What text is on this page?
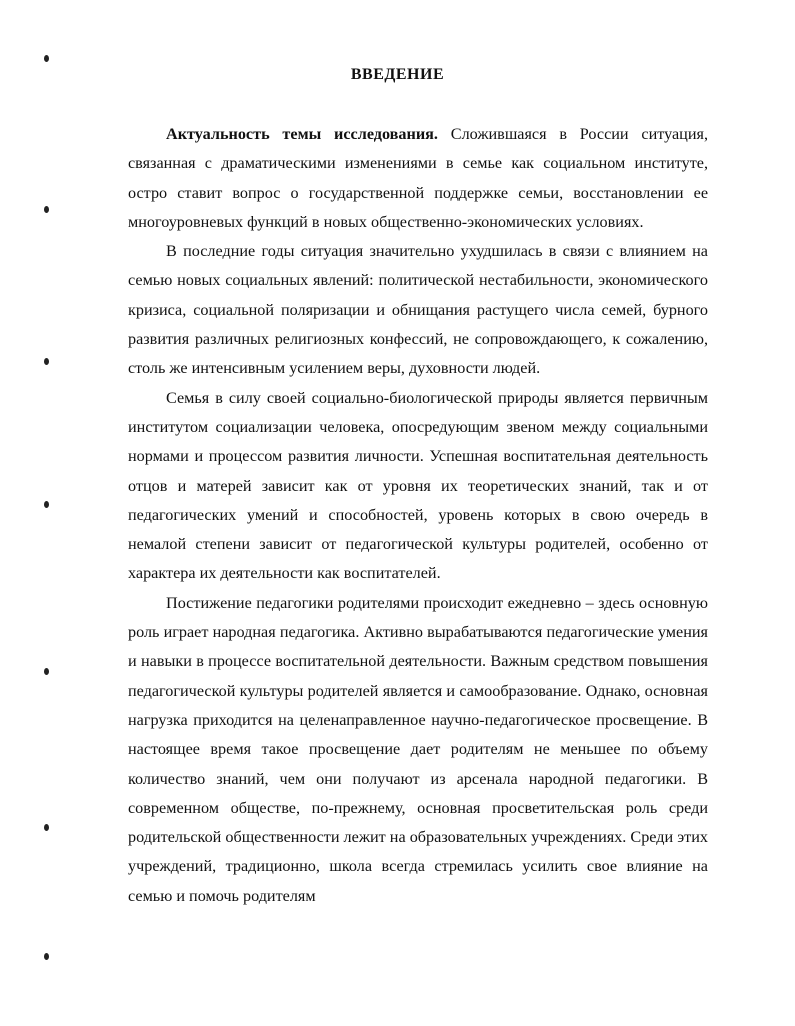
ВВЕДЕНИЕ

Актуальность темы исследования. Сложившаяся в России ситуация, связанная с драматическими изменениями в семье как социальном институте, остро ставит вопрос о государственной поддержке семьи, восстановлении ее многоуровневых функций в новых общественно-экономических условиях.

В последние годы ситуация значительно ухудшилась в связи с влиянием на семью новых социальных явлений: политической нестабильности, экономического кризиса, социальной поляризации и обнищания растущего числа семей, бурного развития различных религиозных конфессий, не сопровождающего, к сожалению, столь же интенсивным усилением веры, духовности людей.

Семья в силу своей социально-биологической природы является первичным институтом социализации человека, опосредующим звеном между социальными нормами и процессом развития личности. Успешная воспитательная деятельность отцов и матерей зависит как от уровня их теоретических знаний, так и от педагогических умений и способностей, уровень которых в свою очередь в немалой степени зависит от педагогической культуры родителей, особенно от характера их деятельности как воспитателей.

Постижение педагогики родителями происходит ежедневно – здесь основную роль играет народная педагогика. Активно вырабатываются педагогические умения и навыки в процессе воспитательной деятельности. Важным средством повышения педагогической культуры родителей является и самообразование. Однако, основная нагрузка приходится на целенаправленное научно-педагогическое просвещение. В настоящее время такое просвещение дает родителям не меньшее по объему количество знаний, чем они получают из арсенала народной педагогики. В современном обществе, по-прежнему, основная просветительская роль среди родительской общественности лежит на образовательных учреждениях. Среди этих учреждений, традиционно, школа всегда стремилась усилить свое влияние на семью и помочь родителям
